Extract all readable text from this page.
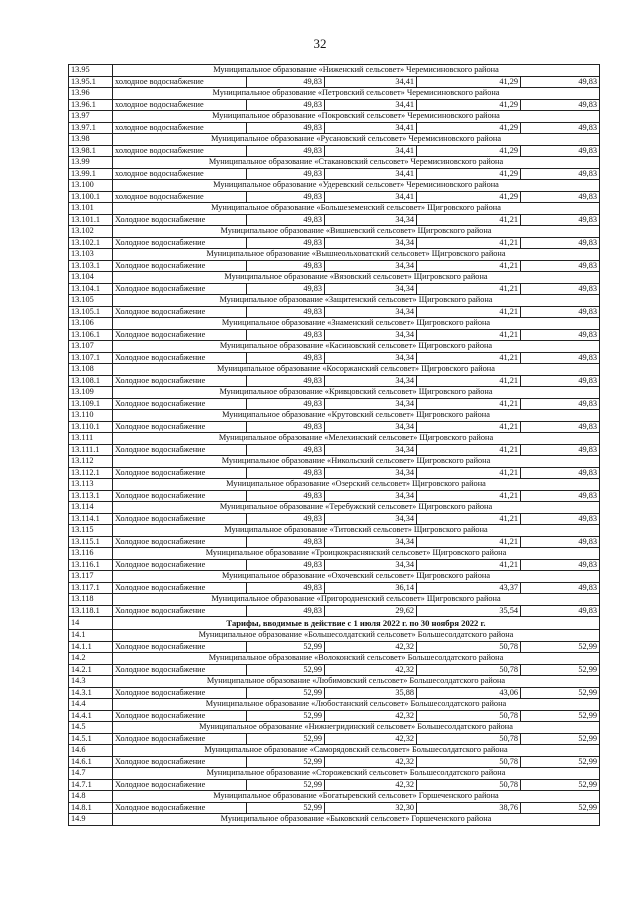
32
13.95	Муниципальное образование «Ниженский сельсовет» Черемисиновского района				
13.95.1	холодное водоснабжение	49,83	34,41	41,29	49,83
13.96	Муниципальное образование «Петровский сельсовет» Черемисиновского района				
13.96.1	холодное водоснабжение	49,83	34,41	41,29	49,83
13.97	Муниципальное образование «Покровский сельсовет» Черемисиновского района				
13.97.1	холодное водоснабжение	49,83	34,41	41,29	49,83
13.98	Муниципальное образование «Русановский сельсовет» Черемисиновского района				
13.98.1	холодное водоснабжение	49,83	34,41	41,29	49,83
13.99	Муниципальное образование «Стакановский сельсовет» Черемисиновского района				
13.99.1	холодное водоснабжение	49,83	34,41	41,29	49,83
13.100	Муниципальное образование «Удеревский сельсовет» Черемисиновского района				
13.100.1	холодное водоснабжение	49,83	34,41	41,29	49,83
13.101	Муниципальное образование «Большеземенский сельсовет» Щигровского района				
13.101.1	Холодное водоснабжение	49,83	34,34	41,21	49,83
13.102	Муниципальное образование «Вишневский сельсовет» Щигровского района				
13.102.1	Холодное водоснабжение	49,83	34,34	41,21	49,83
13.103	Муниципальное образование «Вышнеольховатский сельсовет» Щигровского района				
13.103.1	Холодное водоснабжение	49,83	34,34	41,21	49,83
13.104	Муниципальное образование «Вязовский сельсовет» Щигровского района				
13.104.1	Холодное водоснабжение	49,83	34,34	41,21	49,83
13.105	Муниципальное образование «Защитенский сельсовет» Щигровского района				
13.105.1	Холодное водоснабжение	49,83	34,34	41,21	49,83
13.106	Муниципальное образование «Знаменский сельсовет» Щигровского района				
13.106.1	Холодное водоснабжение	49,83	34,34	41,21	49,83
13.107	Муниципальное образование «Касиновский сельсовет» Щигровского района				
13.107.1	Холодное водоснабжение	49,83	34,34	41,21	49,83
13.108	Муниципальное образование «Косоржанский сельсовет» Щигровского района				
13.108.1	Холодное водоснабжение	49,83	34,34	41,21	49,83
13.109	Муниципальное образование «Кривцовский сельсовет» Щигровского района				
13.109.1	Холодное водоснабжение	49,83	34,34	41,21	49,83
13.110	Муниципальное образование «Крутовский сельсовет» Щигровского района				
13.110.1	Холодное водоснабжение	49,83	34,34	41,21	49,83
13.111	Муниципальное образование «Мелехинский сельсовет» Щигровского района				
13.111.1	Холодное водоснабжение	49,83	34,34	41,21	49,83
13.112	Муниципальное образование «Никольский сельсовет» Щигровского района				
13.112.1	Холодное водоснабжение	49,83	34,34	41,21	49,83
13.113	Муниципальное образование «Озерский сельсовет» Щигровского района				
13.113.1	Холодное водоснабжение	49,83	34,34	41,21	49,83
13.114	Муниципальное образование «Теребужский сельсовет» Щигровского района				
13.114.1	Холодное водоснабжение	49,83	34,34	41,21	49,83
13.115	Муниципальное образование «Титовский сельсовет» Щигровского района				
13.115.1	Холодное водоснабжение	49,83	34,34	41,21	49,83
13.116	Муниципальное образование «Троицкокраснянский сельсовет» Щигровского района				
13.116.1	Холодное водоснабжение	49,83	34,34	41,21	49,83
13.117	Муниципальное образование «Охочевский сельсовет» Щигровского района				
13.117.1	Холодное водоснабжение	49,83	36,14	43,37	49,83
13.118	Муниципальное образование «Пригородненский сельсовет» Щигровского района				
13.118.1	Холодное водоснабжение	49,83	29,62	35,54	49,83
14	Тарифы, вводимые в действие с 1 июля 2022 г. по 30 ноября 2022 г.				
14.1	Муниципальное образование «Большесолдатский сельсовет» Большесолдатского района				
14.1.1	Холодное водоснабжение	52,99	42,32	50,78	52,99
14.2	Муниципальное образование «Волоконский сельсовет» Большесолдатского района				
14.2.1	Холодное водоснабжение	52,99	42,32	50,78	52,99
14.3	Муниципальное образование «Любимовский сельсовет» Большесолдатского района				
14.3.1	Холодное водоснабжение	52,99	35,88	43,06	52,99
14.4	Муниципальное образование «Любостанский сельсовет» Большесолдатского района				
14.4.1	Холодное водоснабжение	52,99	42,32	50,78	52,99
14.5	Муниципальное образование «Нижнегридинский сельсовет» Большесолдатского района				
14.5.1	Холодное водоснабжение	52,99	42,32	50,78	52,99
14.6	Муниципальное образование «Саморядовский сельсовет» Большесолдатского района				
14.6.1	Холодное водоснабжение	52,99	42,32	50,78	52,99
14.7	Муниципальное образование «Сторожевский сельсовет» Большесолдатского района				
14.7.1	Холодное водоснабжение	52,99	42,32	50,78	52,99
14.8	Муниципальное образование «Богатыревский сельсовет» Горшеченского района				
14.8.1	Холодное водоснабжение	52,99	32,30	38,76	52,99
14.9	Муниципальное образование «Быковский сельсовет» Горшеченского района				
